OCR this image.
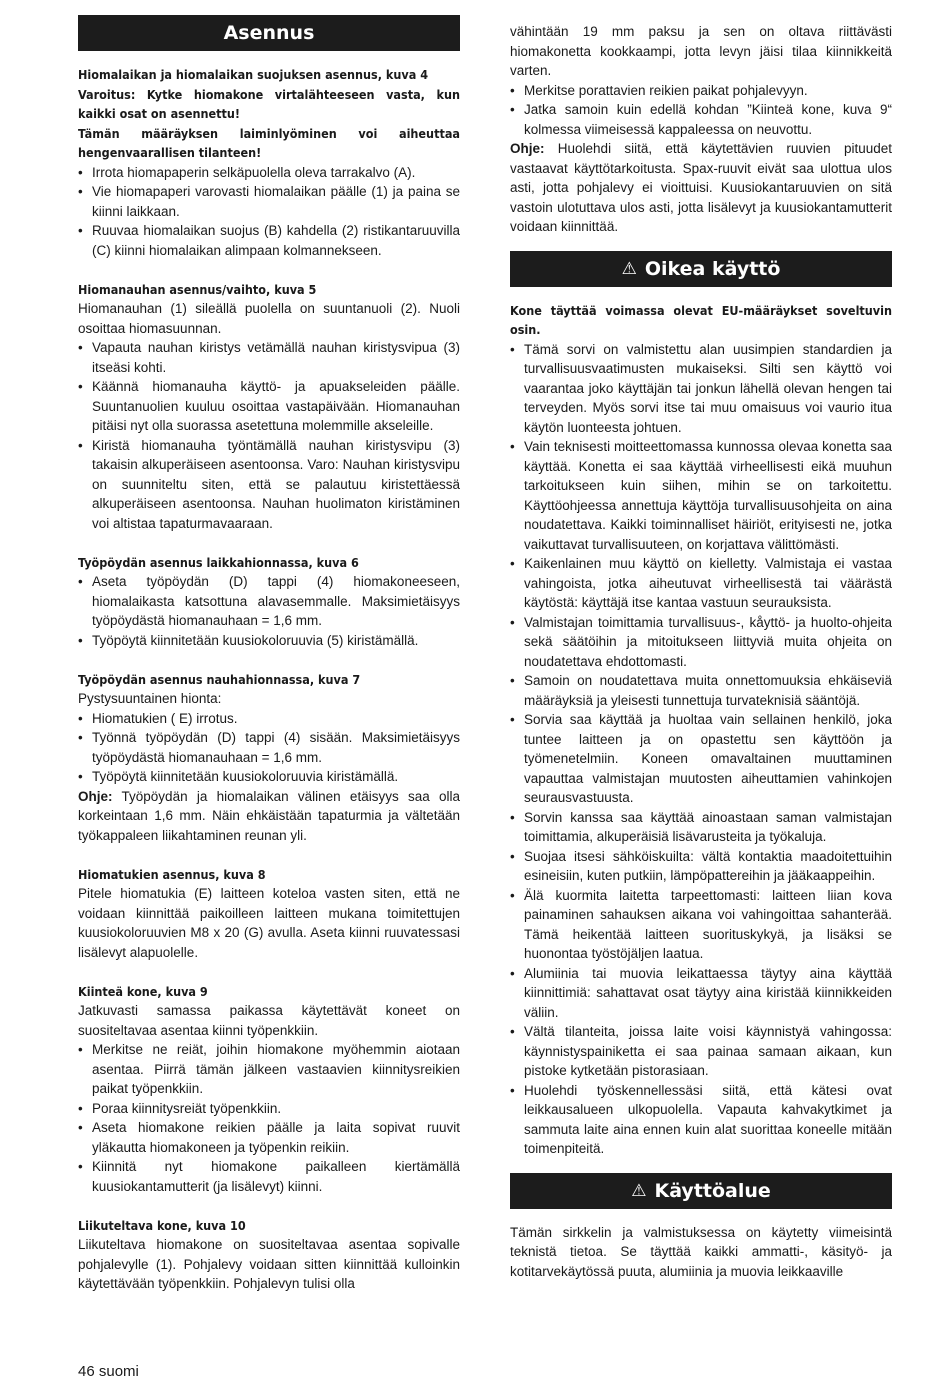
Asennus

Hiomalaikan ja hiomalaikan suojuksen asennus, kuva 4

Varoitus: Kytke hiomakone virtalähteeseen vasta, kun kaikki osat on asennettu!

Tämän määräyksen laiminlyöminen voi aiheuttaa hengenvaarallisen tilanteen!

• Irrota hiomapaperin selkäpuolella oleva tarrakalvo (A).
• Vie hiomapaperi varovasti hiomalaikan päälle (1) ja paina se kiinni laikkaan.
• Ruuvaa hiomalaikan suojus (B) kahdella (2) ristikantaruuvilla (C) kiinni hiomalaikan alimpaan kolmannekseen.

Hiomanauhan asennus/vaihto, kuva 5

Hiomanauhan (1) sileällä puolella on suuntanuoli (2). Nuoli osoittaa hiomasuunnan.

• Vapauta nauhan kiristys vetämällä nauhan kiristysvipua (3) itseäsi kohti.
• Käännä hiomanauha käyttö- ja apuakseleiden päälle. Suuntanuolien kuuluu osoittaa vastapäivään. Hiomanauhan pitäisi nyt olla suorassa asetettuna molemmille akseleille.
• Kiristä hiomanauha työntämällä nauhan kiristysvipu (3) takaisin alkuperäiseen asentoonsa. Varo: Nauhan kiristysvipu on suunniteltu siten, että se palautuu kiristettäessä alkuperäiseen asentoonsa. Nauhan huolimaton kiristäminen voi altistaa tapaturmavaaraan.

Työpöydän asennus laikkahionnassa, kuva 6

• Aseta työpöydän (D) tappi (4) hiomakoneeseen, hiomalaikasta katsottuna alavasemmalle. Maksimietäisyys työpöydästä hiomanauhaan = 1,6 mm.
• Työpöytä kiinnitetään kuusiokoloruuvia (5) kiristämällä.

Työpöydän asennus nauhahionnassa, kuva 7

Pystysuuntainen hionta:

• Hiomatukien ( E) irrotus.
• Työnnä työpöydän (D) tappi (4) sisään. Maksimietäisyys työpöydästä hiomanauhaan = 1,6 mm.
• Työpöytä kiinnitetään kuusiokoloruuvia kiristämällä.

Ohje: Työpöydän ja hiomalaikan välinen etäisyys saa olla korkeintaan 1,6 mm. Näin ehkäistään tapaturmia ja vältetään työkappaleen liikahtaminen reunan yli.

Hiomatukien asennus, kuva 8

Pitele hiomatukia (E) laitteen koteloa vasten siten, että ne voidaan kiinnittää paikoilleen laitteen mukana toimitettujen kuusiokoloruuvien M8 x 20 (G) avulla. Aseta kiinni ruuvatessasi lisälevyt alapuolelle.

Kiinteä kone, kuva 9

Jatkuvasti samassa paikassa käytettävät koneet on suositeltavaa asentaa kiinni työpenkkiin.

• Merkitse ne reiät, joihin hiomakone myöhemmin aiotaan asentaa. Piirrä tämän jälkeen vastaavien kiinnitysreikien paikat työpenkkiin.
• Poraa kiinnitysreiät työpenkkiin.
• Aseta hiomakone reikien päälle ja laita sopivat ruuvit yläkautta hiomakoneen ja työpenkin reikiin.
• Kiinnitä nyt hiomakone paikalleen kiertämällä kuusiokantamutterit (ja lisälevyt) kiinni.

Liikuteltava kone, kuva 10

Liikuteltava hiomakone on suositeltavaa asentaa sopivalle pohjalevylle (1). Pohjalevy voidaan sitten kiinnittää kulloinkin käytettävään työpenkkiin. Pohjalevyn tulisi olla

vähintään 19 mm paksu ja sen on oltava riittävästi hiomakonetta kookkaampi, jotta levyn jäisi tilaa kiinnikkeitä varten.

• Merkitse porattavien reikien paikat pohjalevyyn.
• Jatka samoin kuin edellä kohdan ”Kiinteä kone, kuva 9“ kolmessa viimeisessä kappaleessa on neuvottu.

Ohje: Huolehdi siitä, että käytettävien ruuvien pituudet vastaavat käyttötarkoitusta. Spax-ruuvit eivät saa ulottua ulos asti, jotta pohjalevy ei vioittuisi. Kuusiokantaruuvien on sitä vastoin ulotuttava ulos asti, jotta lisälevyt ja kuusiokantamutterit voidaan kiinnittää.

⚠ Oikea käyttö

Kone täyttää voimassa olevat EU-määräykset soveltuvin osin.

• Tämä sorvi on valmistettu alan uusimpien standardien ja turvallisuusvaatimusten mukaiseksi. Silti sen käyttö voi vaarantaa joko käyttäjän tai jonkun lähellä olevan hengen tai terveyden. Myös sorvi itse tai muu omaisuus voi vaurio itua käytön luonteesta johtuen.
• Vain teknisesti moitteettomassa kunnossa olevaa konetta saa käyttää. Konetta ei saa käyttää virheellisesti eikä muuhun tarkoitukseen kuin siihen, mihin se on tarkoitettu. Käyttöohjeessa annettuja käyttöja turvallisuusohjeita on aina noudatettava. Kaikki toiminnalliset häiriöt, erityisesti ne, jotka vaikuttavat turvallisuuteen, on korjattava välittömästi.
• Kaikenlainen muu käyttö on kielletty. Valmistaja ei vastaa vahingoista, jotka aiheutuvat virheellisestä tai väärästä käytöstä: käyttäjä itse kantaa vastuun seurauksista.
• Valmistajan toimittamia turvallisuus-, kåyttö- ja huolto-ohjeita sekä säätöihin ja mitoitukseen liittyviä muita ohjeita on noudatettava ehdottomasti.
• Samoin on noudatettava muita onnettomuuksia ehkäiseviä määräyksiä ja yleisesti tunnettuja turvateknisiä sääntöjä.
• Sorvia saa käyttää ja huoltaa vain sellainen henkilö, joka tuntee laitteen ja on opastettu sen käyttöön ja työmenetelmiin. Koneen omavaltainen muuttaminen vapauttaa valmistajan muutosten aiheuttamien vahinkojen seurausvastuusta.
• Sorvin kanssa saa käyttää ainoastaan saman valmistajan toimittamia, alkuperäisiä lisävarusteita ja työkaluja.
• Suojaa itsesi sähköiskuilta: vältä kontaktia maadoitettuihin esineisiin, kuten putkiin, lämpöpattereihin ja jääkaappeihin.
• Älä kuormita laitetta tarpeettomasti: laitteen liian kova painaminen sahauksen aikana voi vahingoittaa sahanterää. Tämä heikentää laitteen suorituskykyä, ja lisäksi se huonontaa työstöjäljen laatua.
• Alumiinia tai muovia leikattaessa täytyy aina käyttää kiinnittimiä: sahattavat osat täytyy aina kiristää kiinnikkeiden väliin.
• Vältä tilanteita, joissa laite voisi käynnistyä vahingossa: käynnistyspainiketta ei saa painaa samaan aikaan, kun pistoke kytketään pistorasiaan.
• Huolehdi työskennellessäsi siitä, että kätesi ovat leikkausalueen ulkopuolella. Vapauta kahvakytkimet ja sammuta laite aina ennen kuin alat suorittaa koneelle mitään toimenpiteitä.
⚠ Käyttöalue

Tämän sirkkelin ja valmistuksessa on käytetty viimeisintä teknistä tietoa. Se täyttää kaikki ammatti-, käsityö- ja kotitarvekäytössä puuta, alumiinia ja muovia leikkaaville

46 suomi
